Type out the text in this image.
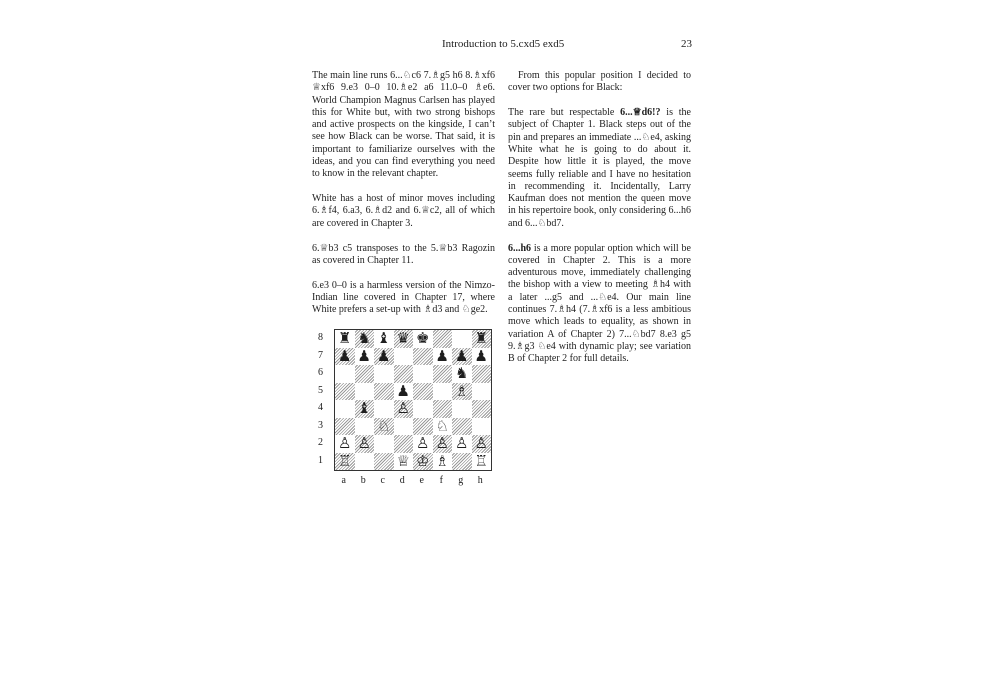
Introduction to 5.cxd5 exd5	23

The main line runs 6...♘c6 7.♗g5 h6 8.♗xf6 ♕xf6 9.e3 0–0 10.♗e2 a6 11.0–0 ♗e6. World Champion Magnus Carlsen has played this for White but, with two strong bishops and active prospects on the kingside, I can’t see how Black can be worse. That said, it is important to familiarize ourselves with the ideas, and you can find everything you need to know in the relevant chapter.

White has a host of minor moves including 6.♗f4, 6.a3, 6.♗d2 and 6.♕c2, all of which are covered in Chapter 3.

6.♕b3 c5 transposes to the 5.♕b3 Ragozin as covered in Chapter 11.

6.e3 0–0 is a harmless version of the Nimzo-Indian line covered in Chapter 17, where White prefers a set-up with ♗d3 and ♘ge2.

From this popular position I decided to cover two options for Black:

The rare but respectable 6...♕d6!? is the subject of Chapter 1. Black steps out of the pin and prepares an immediate ...♘e4, asking White what he is going to do about it. Despite how little it is played, the move seems fully reliable and I have no hesitation in recommending it. Incidentally, Larry Kaufman does not mention the queen move in his repertoire book, only considering 6...h6 and 6...♘bd7.

6...h6 is a more popular option which will be covered in Chapter 2. This is a more adventurous move, immediately challenging the bishop with a view to meeting ♗h4 with a later ...g5 and ...♘e4. Our main line continues 7.♗h4 (7.♗xf6 is a less ambitious move which leads to equality, as shown in variation A of Chapter 2) 7...♘bd7 8.e3 g5 9.♗g3 ♘e4 with dynamic play; see variation B of Chapter 2 for full details.

8
7
6
5
4
3
2
1
♜ ♞ ♝ ♛ ♚	♜
♟ ♟ ♟	♟ ♟ ♟
♞
♟	♗
♝ ♙
♘	♘
♙ ♙	♙ ♙ ♙ ♙
♖	♕ ♔ ♗ ♖
a	b	c	d	e	f	g	h
